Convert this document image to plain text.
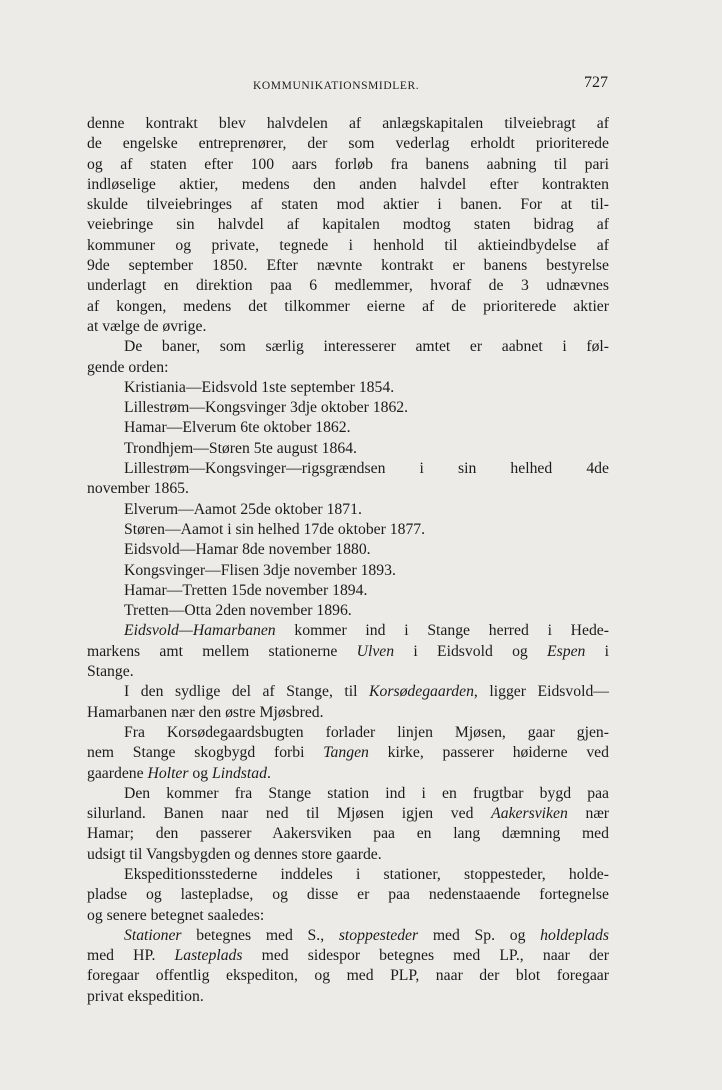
KOMMUNIKATIONSMIDLER.	727
denne kontrakt blev halvdelen af anlægskapitalen tilveiebragt af
de engelske entreprenører, der som vederlag erholdt prioriterede
og af staten efter 100 aars forløb fra banens aabning til pari
indløselige aktier, medens den anden halvdel efter kontrakten
skulde tilveiebringes af staten mod aktier i banen. For at til-
veiebringe sin halvdel af kapitalen modtog staten bidrag af
kommuner og private, tegnede i henhold til aktieindbydelse af
9de september 1850. Efter nævnte kontrakt er banens bestyrelse
underlagt en direktion paa 6 medlemmer, hvoraf de 3 udnævnes
af kongen, medens det tilkommer eierne af de prioriterede aktier
at vælge de øvrige.
De baner, som særlig interesserer amtet er aabnet i føl-
gende orden:
Kristiania—Eidsvold 1ste september 1854.
Lillestrøm—Kongsvinger 3dje oktober 1862.
Hamar—Elverum 6te oktober 1862.
Trondhjem—Støren 5te august 1864.
Lillestrøm—Kongsvinger—rigsgrændsen i sin helhed 4de
november 1865.
Elverum—Aamot 25de oktober 1871.
Støren—Aamot i sin helhed 17de oktober 1877.
Eidsvold—Hamar 8de november 1880.
Kongsvinger—Flisen 3dje november 1893.
Hamar—Tretten 15de november 1894.
Tretten—Otta 2den november 1896.
Eidsvold—Hamarbanen kommer ind i Stange herred i Hede-
markens amt mellem stationerne Ulven i Eidsvold og Espen i
Stange.
I den sydlige del af Stange, til Korsødegaarden, ligger Eidsvold—
Hamarbanen nær den østre Mjøsbred.
Fra Korsødegaardsbugten forlader linjen Mjøsen, gaar gjen-
nem Stange skogbygd forbi Tangen kirke, passerer høiderne ved
gaardene Holter og Lindstad.
Den kommer fra Stange station ind i en frugtbar bygd paa
silurland. Banen naar ned til Mjøsen igjen ved Aakersviken nær
Hamar; den passerer Aakersviken paa en lang dæmning med
udsigt til Vangsbygden og dennes store gaarde.
Ekspeditionsstederne inddeles i stationer, stoppesteder, holde-
pladse og lastepladse, og disse er paa nedenstaaende fortegnelse
og senere betegnet saaledes:
Stationer betegnes med S., stoppesteder med Sp. og holdeplads
med HP. Lasteplads med sidespor betegnes med LP., naar der
foregaar offentlig ekspediton, og med PLP, naar der blot foregaar
privat ekspedition.
